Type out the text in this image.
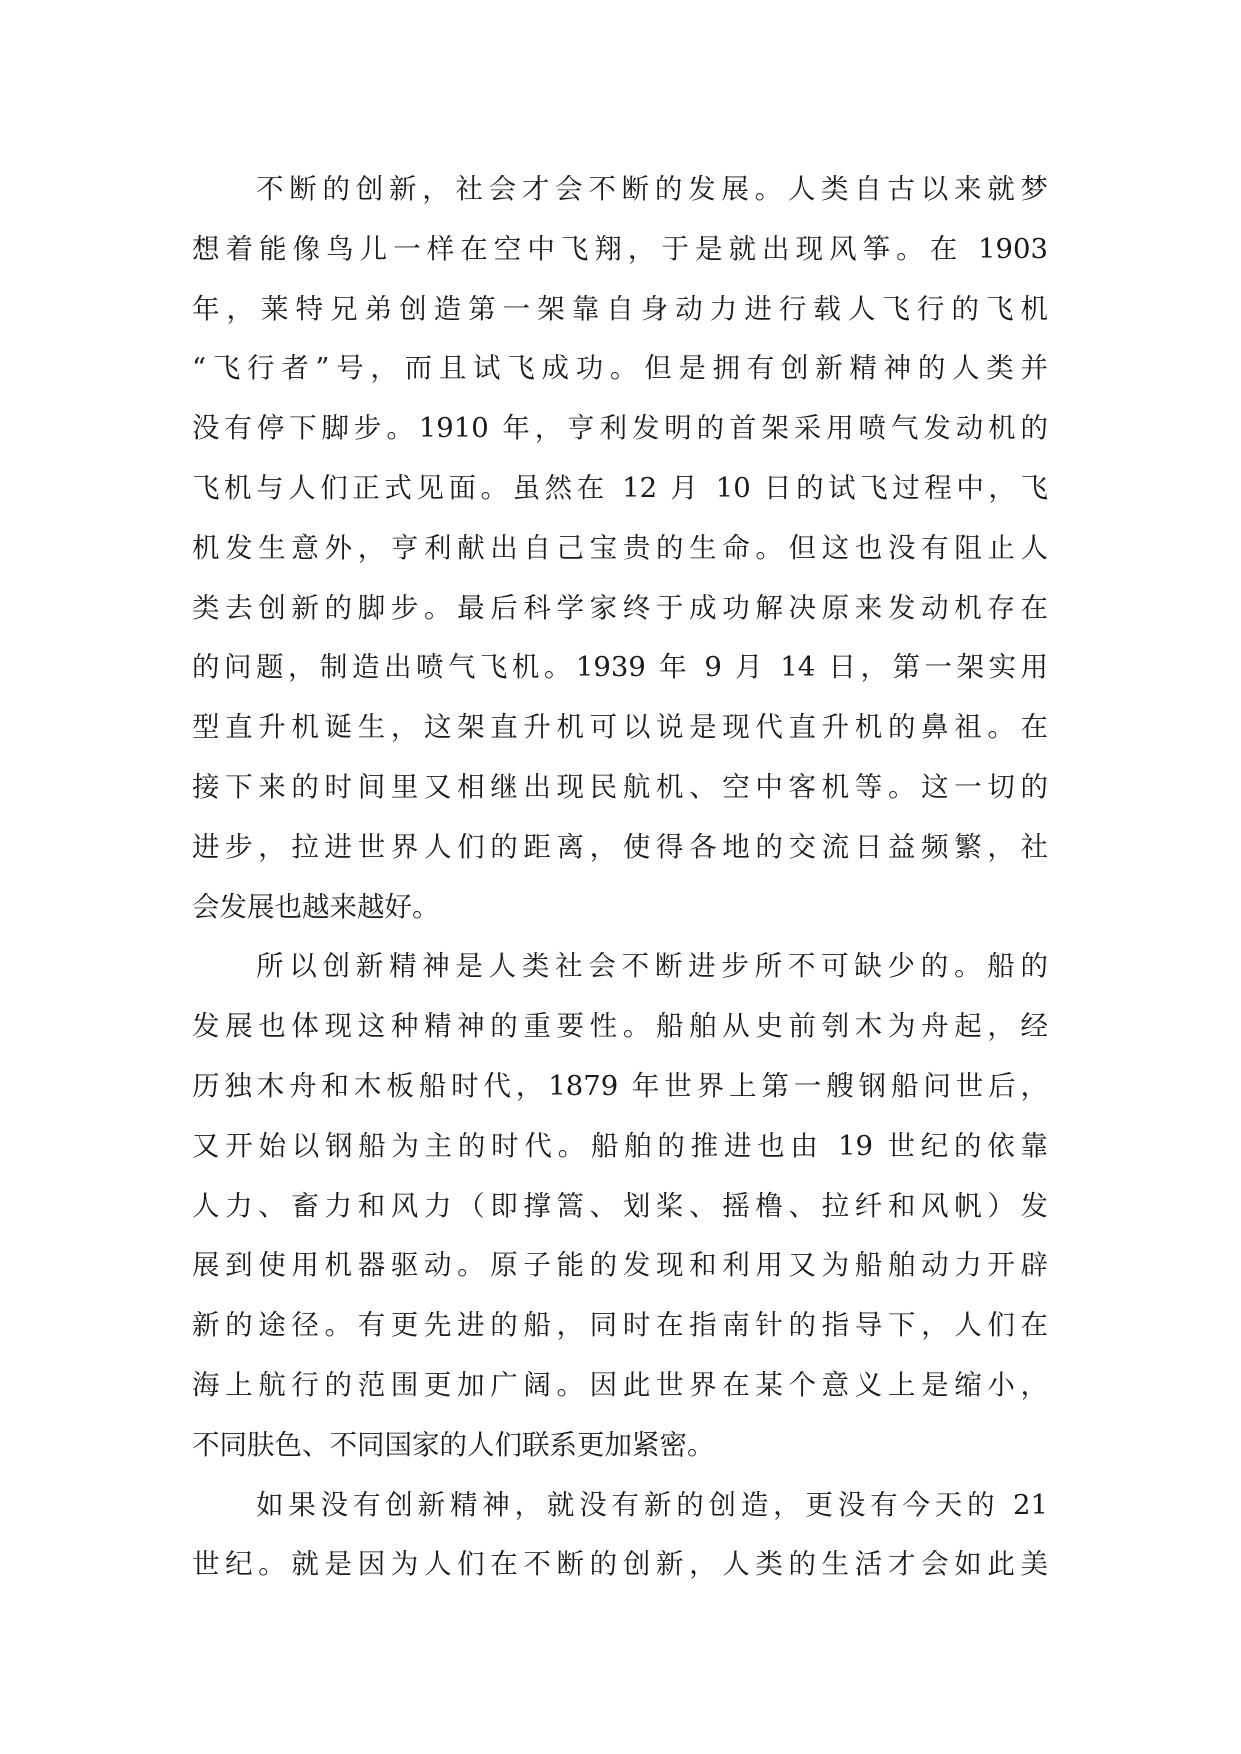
不断的创新，社会才会不断的发展。人类自古以来就梦
想着能像鸟儿一样在空中飞翔，于是就出现风筝。在 1903
年，莱特兄弟创造第一架靠自身动力进行载人飞行的飞机
“飞行者”号，而且试飞成功。但是拥有创新精神的人类并
没有停下脚步。1910 年，亨利发明的首架采用喷气发动机的
飞机与人们正式见面。虽然在 12 月 10 日的试飞过程中，飞
机发生意外，亨利献出自己宝贵的生命。但这也没有阻止人
类去创新的脚步。最后科学家终于成功解决原来发动机存在
的问题，制造出喷气飞机。1939 年 9 月 14 日，第一架实用
型直升机诞生，这架直升机可以说是现代直升机的鼻祖。在
接下来的时间里又相继出现民航机、空中客机等。这一切的
进步，拉进世界人们的距离，使得各地的交流日益频繁，社
会发展也越来越好。
所以创新精神是人类社会不断进步所不可缺少的。船的
发展也体现这种精神的重要性。船舶从史前刳木为舟起，经
历独木舟和木板船时代，1879 年世界上第一艘钢船问世后，
又开始以钢船为主的时代。船舶的推进也由 19 世纪的依靠
人力、畜力和风力（即撑篙、划桨、摇橹、拉纤和风帆）发
展到使用机器驱动。原子能的发现和利用又为船舶动力开辟
新的途径。有更先进的船，同时在指南针的指导下，人们在
海上航行的范围更加广阔。因此世界在某个意义上是缩小，
不同肤色、不同国家的人们联系更加紧密。
如果没有创新精神，就没有新的创造，更没有今天的 21
世纪。就是因为人们在不断的创新，人类的生活才会如此美
